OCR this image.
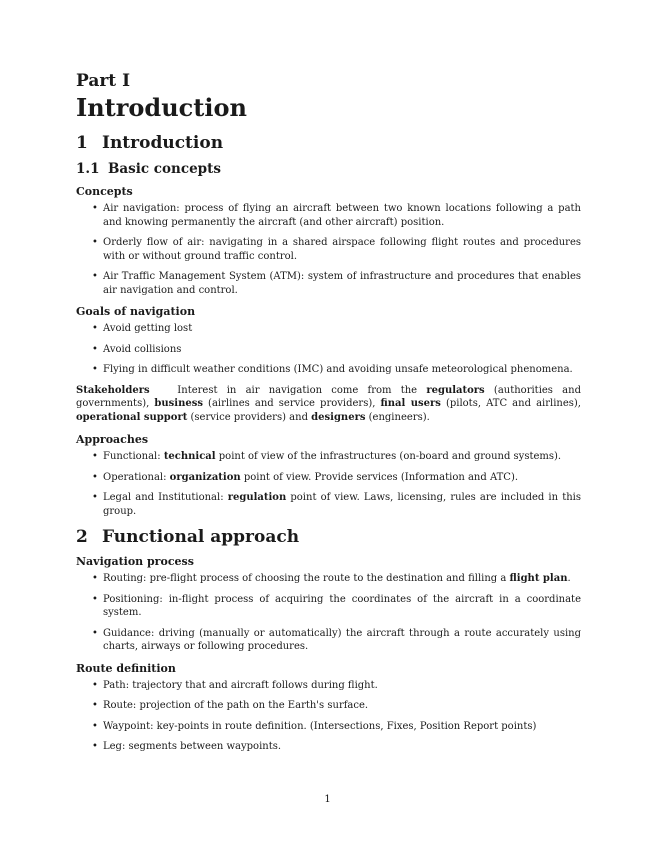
Part I
Introduction
1 Introduction
1.1 Basic concepts
Concepts
• Air navigation: process of flying an aircraft between two known locations following a path and knowing permanently the aircraft (and other aircraft) position.
• Orderly flow of air: navigating in a shared airspace following flight routes and procedures with or without ground traffic control.
• Air Traffic Management System (ATM): system of infrastructure and procedures that enables air navigation and control.
Goals of navigation
• Avoid getting lost
• Avoid collisions
• Flying in difficult weather conditions (IMC) and avoiding unsafe meteorological phenomena.

Stakeholders	Interest in air navigation come from the regulators (authorities and governments), business (airlines and service providers), final users (pilots, ATC and airlines), operational support (service providers) and designers (engineers).

Approaches
• Functional: technical point of view of the infrastructures (on-board and ground systems).
• Operational: organization point of view. Provide services (Information and ATC).
• Legal and Institutional: regulation point of view. Laws, licensing, rules are included in this group.
2 Functional approach
Navigation process
• Routing: pre-flight process of choosing the route to the destination and filling a flight plan.
• Positioning: in-flight process of acquiring the coordinates of the aircraft in a coordinate system.
• Guidance: driving (manually or automatically) the aircraft through a route accurately using charts, airways or following procedures.
Route definition
• Path: trajectory that and aircraft follows during flight.
• Route: projection of the path on the Earth's surface.
• Waypoint: key-points in route definition. (Intersections, Fixes, Position Report points)
• Leg: segments between waypoints.
1
